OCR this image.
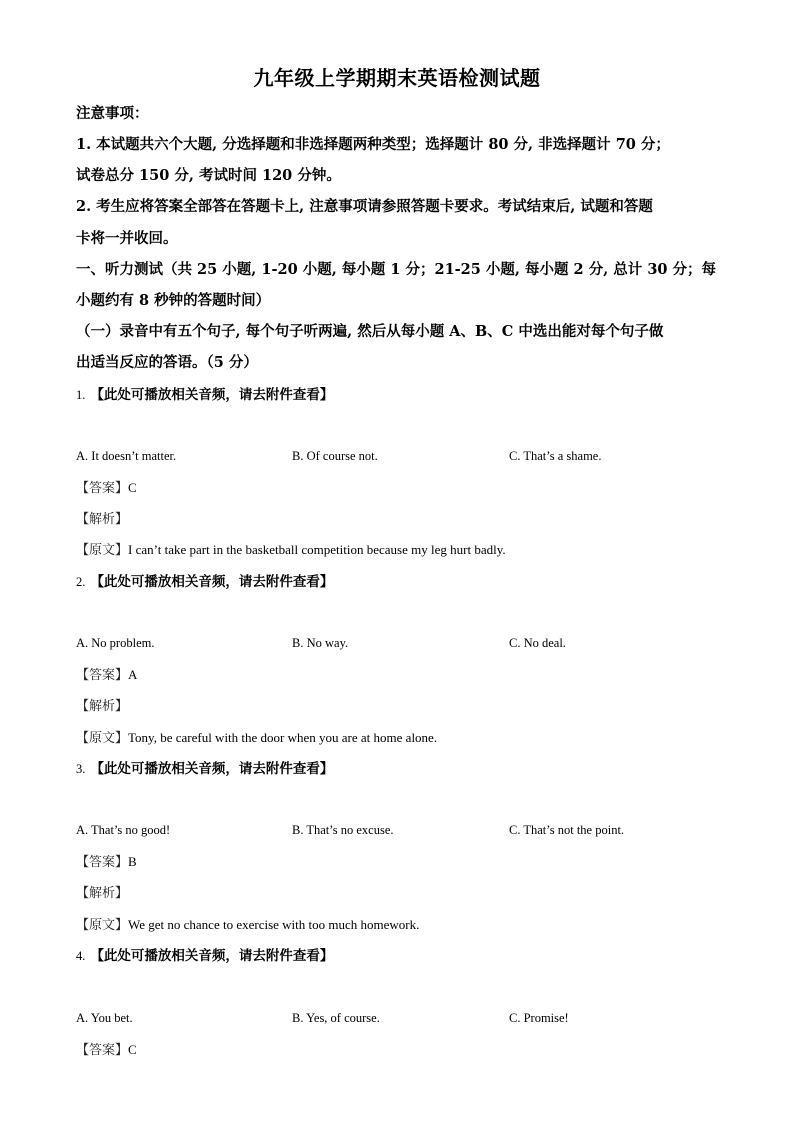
九年级上学期期末英语检测试题
注意事项：
1. 本试题共六个大题, 分选择题和非选择题两种类型；选择题计 80 分, 非选择题计 70 分；
试卷总分 150 分, 考试时间 120 分钟。
2. 考生应将答案全部答在答题卡上, 注意事项请参照答题卡要求。考试结束后, 试题和答题
卡将一并收回。
一、听力测试（共 25 小题, 1-20 小题, 每小题 1 分；21-25 小题, 每小题 2 分, 总计 30 分；每
小题约有 8 秒钟的答题时间）
（一）录音中有五个句子, 每个句子听两遍, 然后从每小题 A、B、C 中选出能对每个句子做
出适当反应的答语。（5 分）
1. 【此处可播放相关音频，请去附件查看】
A. It doesn’t matter.	B. Of course not.	C. That’s a shame.
【答案】C
【解析】
【原文】I can’t take part in the basketball competition because my leg hurt badly.
2. 【此处可播放相关音频，请去附件查看】
A. No problem.	B. No way.	C. No deal.
【答案】A
【解析】
【原文】Tony, be careful with the door when you are at home alone.
3. 【此处可播放相关音频，请去附件查看】
A. That’s no good!	B. That’s no excuse.	C. That’s not the point.
【答案】B
【解析】
【原文】We get no chance to exercise with too much homework.
4. 【此处可播放相关音频，请去附件查看】
A. You bet.	B. Yes, of course.	C. Promise!
【答案】C
